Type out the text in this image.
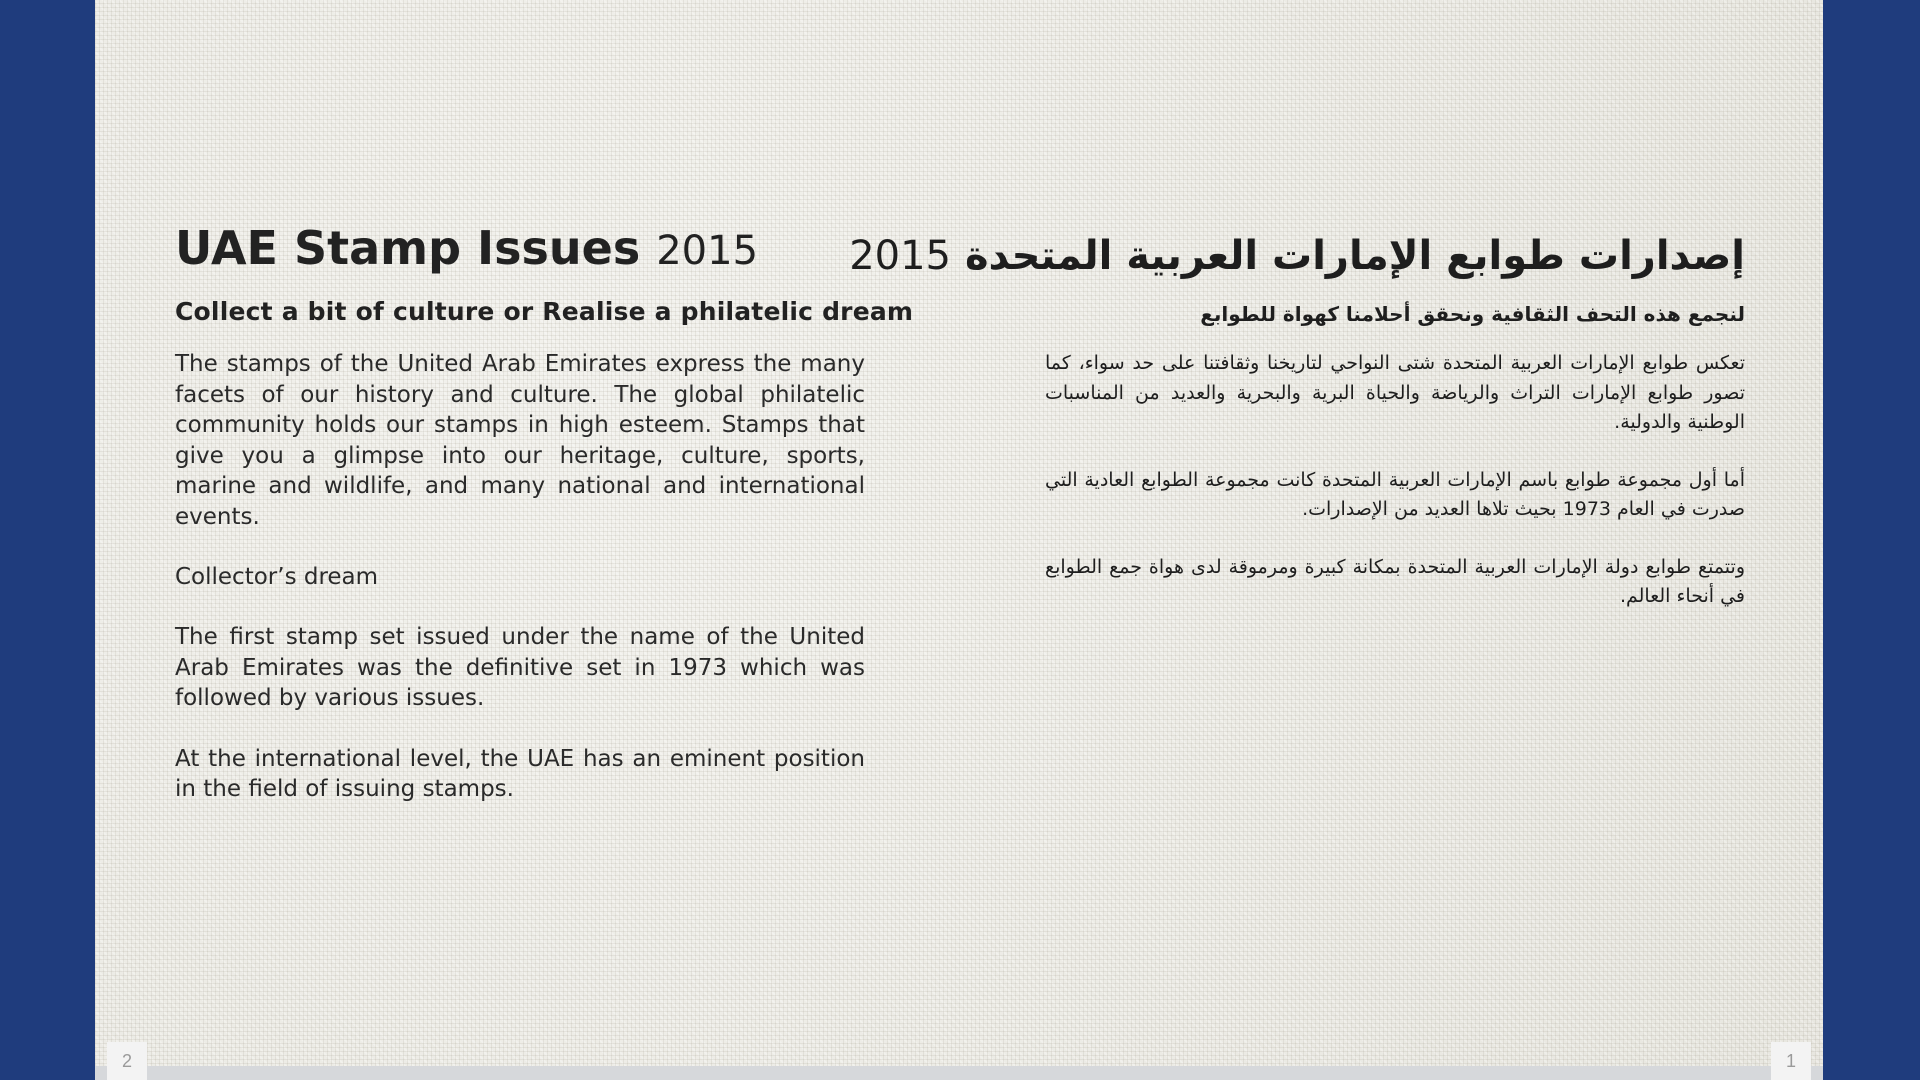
UAE Stamp Issues 2015
Collect a bit of culture or Realise a philatelic dream
The stamps of the United Arab Emirates express the many facets of our history and culture. The global philatelic community holds our stamps in high esteem. Stamps that give you a glimpse into our heritage, culture, sports, marine and wildlife, and many national and international events.
Collector’s dream
The first stamp set issued under the name of the United Arab Emirates was the definitive set in 1973 which was followed by various issues.
At the international level, the UAE has an eminent position in the field of issuing stamps.
إصدارات طوابع الإمارات العربية المتحدة 2015
لنجمع هذه التحف الثقافية ونحقق أحلامنا كهواة للطوابع
تعكس طوابع الإمارات العربية المتحدة شتى النواحي لتاريخنا وثقافتنا على حد سواء، كما تصور طوابع الإمارات التراث والرياضة والحياة البرية والبحرية والعديد من المناسبات الوطنية والدولية.
أما أول مجموعة طوابع باسم الإمارات العربية المتحدة كانت مجموعة الطوابع العادية التي صدرت في العام 1973 بحيث تلاها العديد من الإصدارات.
وتتمتع طوابع دولة الإمارات العربية المتحدة بمكانة كبيرة ومرموقة لدى هواة جمع الطوابع في أنحاء العالم.
2	1
